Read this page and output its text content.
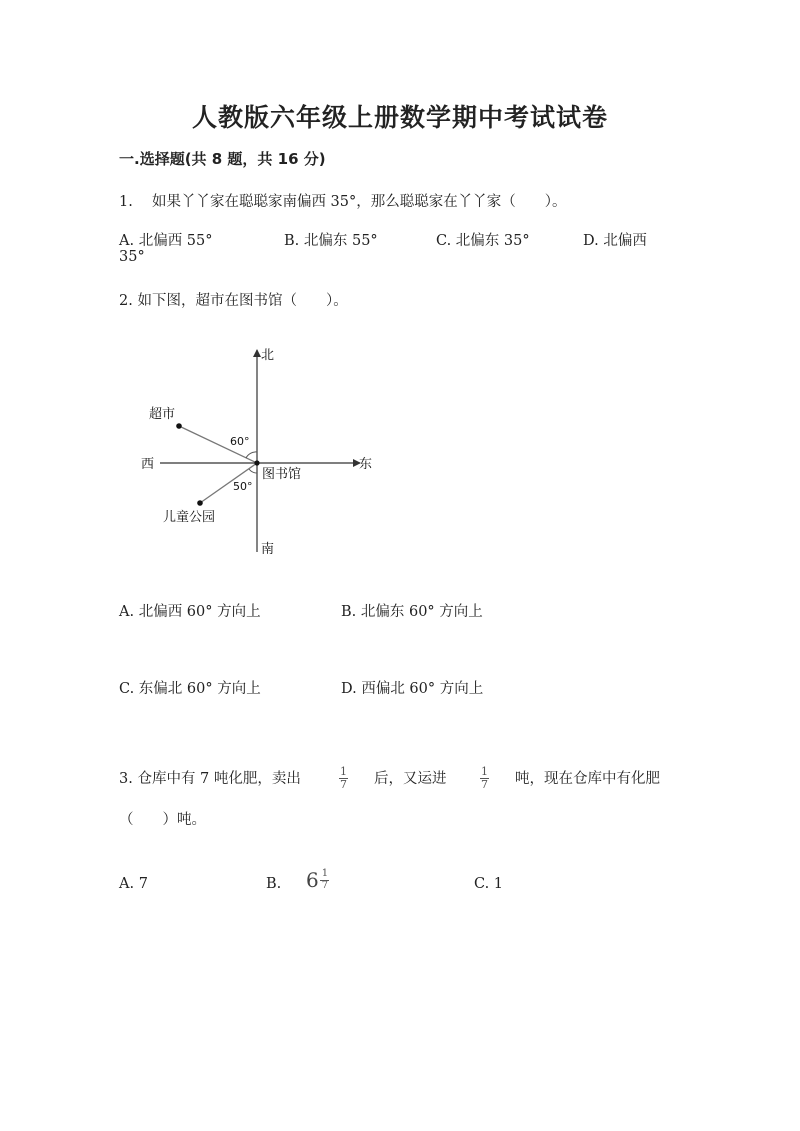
人教版六年级上册数学期中考试试卷
一.选择题(共 8 题，共 16 分)
1.　 如果丫丫家在聪聪家南偏西 35°，那么聪聪家在丫丫家（　　）。
A. 北偏西 55°	B. 北偏东 55°	C. 北偏东 35°	D. 北偏西
35°
2. 如下图，超市在图书馆（　　）。
北
南
东
西
超市
图书馆
儿童公园
60°
50°
A. 北偏西 60° 方向上	B. 北偏东 60° 方向上
C. 东偏北 60° 方向上	D. 西偏北 60° 方向上
3. 仓库中有 7 吨化肥，卖出	$\frac{1}{7}$ 后，又运进	$\frac{1}{7}$ 吨，现在仓库中有化肥
（　　）吨。
A. 7	B. $6 \frac{1}{7}$	C. 1
